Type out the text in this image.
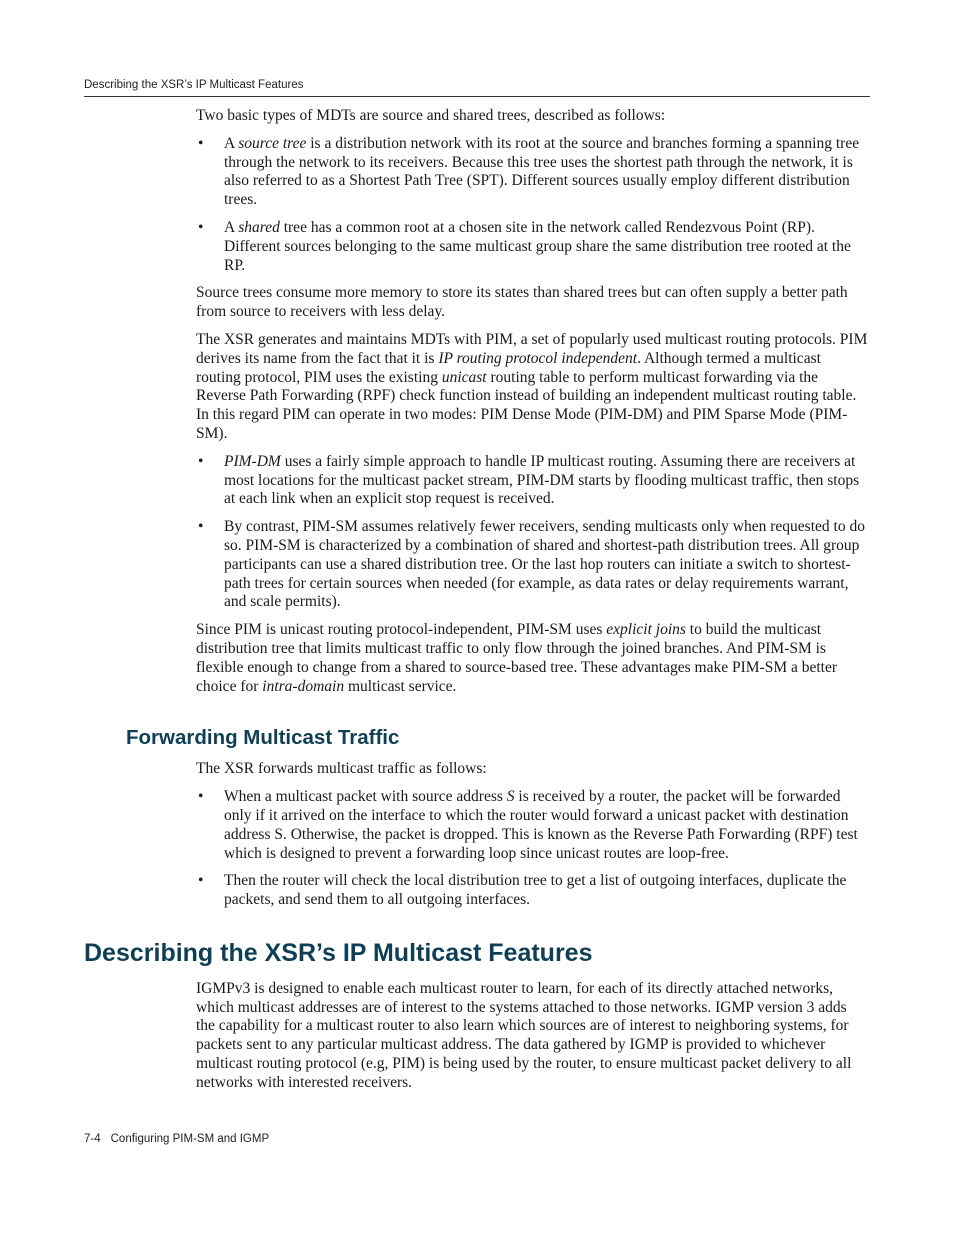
Describing the XSR’s IP Multicast Features

Two basic types of MDTs are source and shared trees, described as follows:

• A source tree is a distribution network with its root at the source and branches forming a spanning tree through the network to its receivers. Because this tree uses the shortest path through the network, it is also referred to as a Shortest Path Tree (SPT). Different sources usually employ different distribution trees.
• A shared tree has a common root at a chosen site in the network called Rendezvous Point (RP). Different sources belonging to the same multicast group share the same distribution tree rooted at the RP.

Source trees consume more memory to store its states than shared trees but can often supply a better path from source to receivers with less delay.

The XSR generates and maintains MDTs with PIM, a set of popularly used multicast routing protocols. PIM derives its name from the fact that it is IP routing protocol independent. Although termed a multicast routing protocol, PIM uses the existing unicast routing table to perform multicast forwarding via the Reverse Path Forwarding (RPF) check function instead of building an independent multicast routing table. In this regard PIM can operate in two modes: PIM Dense Mode (PIM-DM) and PIM Sparse Mode (PIM-SM).

• PIM-DM uses a fairly simple approach to handle IP multicast routing. Assuming there are receivers at most locations for the multicast packet stream, PIM-DM starts by flooding multicast traffic, then stops at each link when an explicit stop request is received.
• By contrast, PIM-SM assumes relatively fewer receivers, sending multicasts only when requested to do so. PIM-SM is characterized by a combination of shared and shortest-path distribution trees. All group participants can use a shared distribution tree. Or the last hop routers can initiate a switch to shortest-path trees for certain sources when needed (for example, as data rates or delay requirements warrant, and scale permits).

Since PIM is unicast routing protocol-independent, PIM-SM uses explicit joins to build the multicast distribution tree that limits multicast traffic to only flow through the joined branches. And PIM-SM is flexible enough to change from a shared to source-based tree. These advantages make PIM-SM a better choice for intra-domain multicast service.

Forwarding Multicast Traffic

The XSR forwards multicast traffic as follows:

• When a multicast packet with source address S is received by a router, the packet will be forwarded only if it arrived on the interface to which the router would forward a unicast packet with destination address S. Otherwise, the packet is dropped. This is known as the Reverse Path Forwarding (RPF) test which is designed to prevent a forwarding loop since unicast routes are loop-free.
• Then the router will check the local distribution tree to get a list of outgoing interfaces, duplicate the packets, and send them to all outgoing interfaces.
Describing the XSR’s IP Multicast Features

IGMPv3 is designed to enable each multicast router to learn, for each of its directly attached networks, which multicast addresses are of interest to the systems attached to those networks. IGMP version 3 adds the capability for a multicast router to also learn which sources are of interest to neighboring systems, for packets sent to any particular multicast address. The data gathered by IGMP is provided to whichever multicast routing protocol (e.g, PIM) is being used by the router, to ensure multicast packet delivery to all networks with interested receivers.

7-4 Configuring PIM-SM and IGMP
